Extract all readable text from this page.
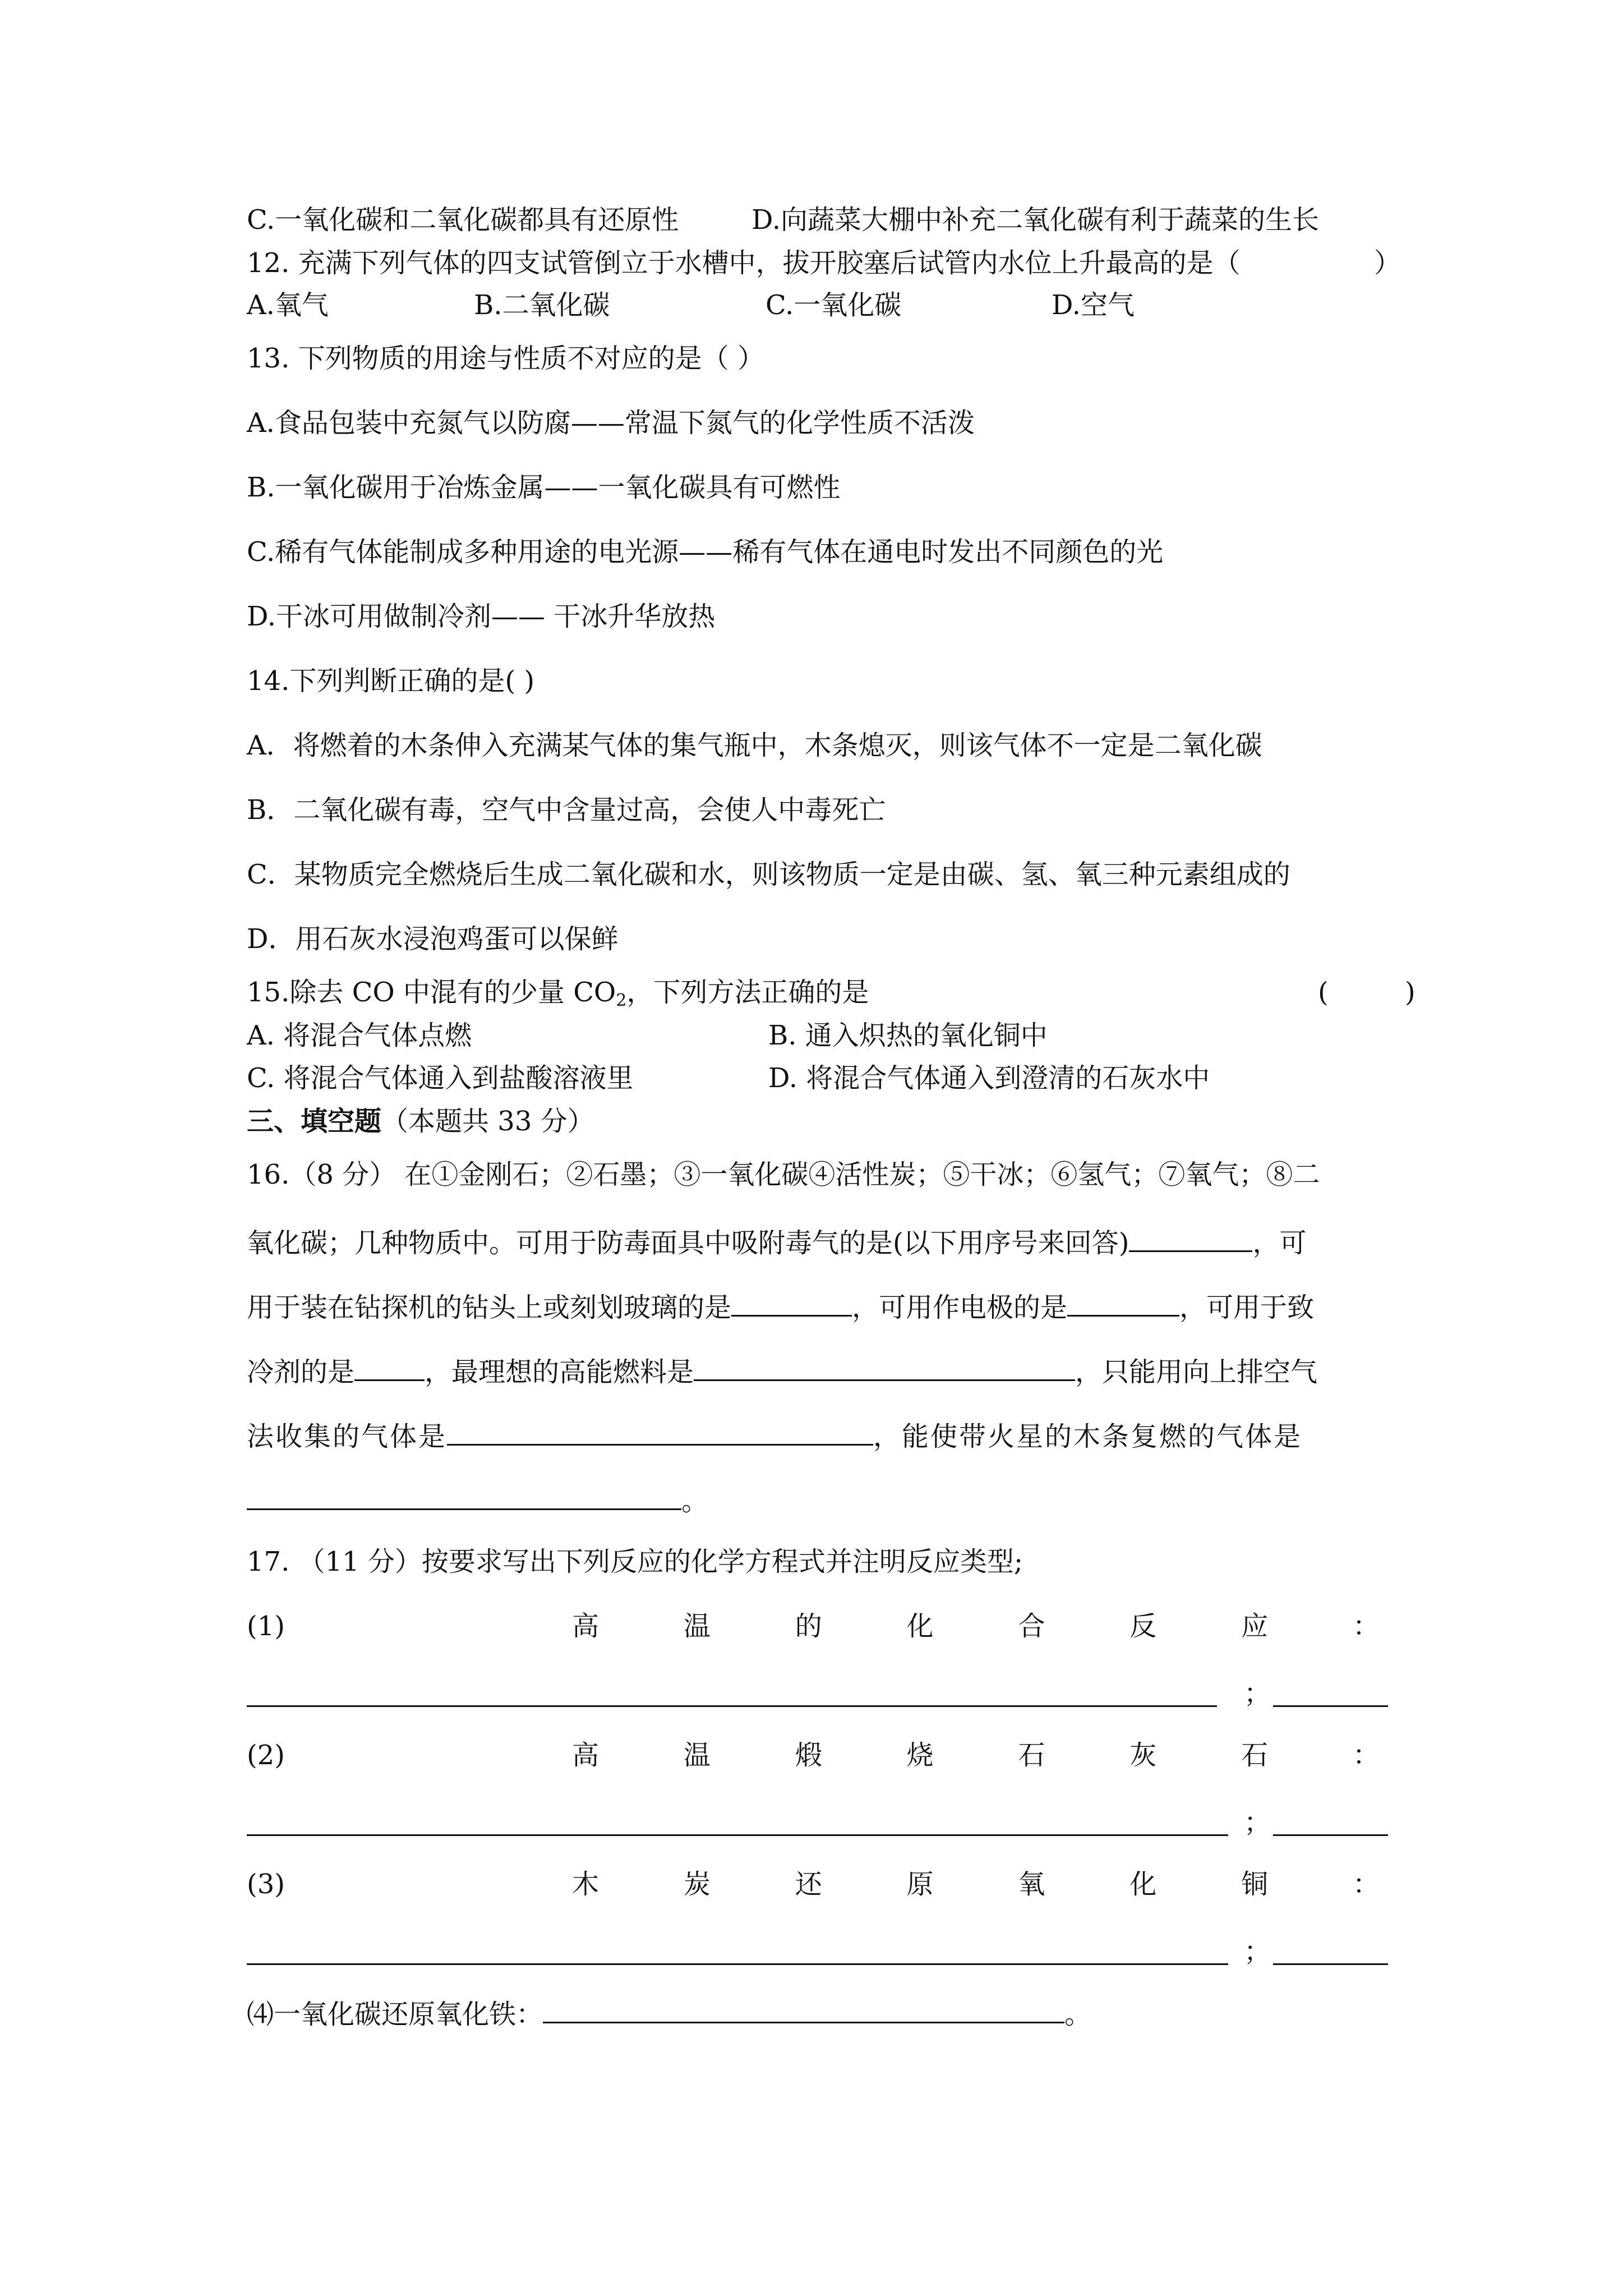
C.一氧化碳和二氧化碳都具有还原性	D.向蔬菜大棚中补充二氧化碳有利于蔬菜的生长
12. 充满下列气体的四支试管倒立于水槽中，拔开胶塞后试管内水位上升最高的是（	）
A.氧气	B.二氧化碳	C.一氧化碳	D.空气
13. 下列物质的用途与性质不对应的是（ ）
A.食品包装中充氮气以防腐——常温下氮气的化学性质不活泼
B.一氧化碳用于冶炼金属——一氧化碳具有可燃性
C.稀有气体能制成多种用途的电光源——稀有气体在通电时发出不同颜色的光
D.干冰可用做制冷剂—— 干冰升华放热
14.下列判断正确的是( )
A．将燃着的木条伸入充满某气体的集气瓶中，木条熄灭，则该气体不一定是二氧化碳
B．二氧化碳有毒，空气中含量过高，会使人中毒死亡
C．某物质完全燃烧后生成二氧化碳和水，则该物质一定是由碳、氢、氧三种元素组成的
D．用石灰水浸泡鸡蛋可以保鲜
15.除去 CO 中混有的少量 $CO_2$，下列方法正确的是	(	)
A. 将混合气体点燃	B. 通入炽热的氧化铜中
C. 将混合气体通入到盐酸溶液里	D. 将混合气体通入到澄清的石灰水中
三、填空题（本题共 33 分）
16.（8 分） 在①金刚石；②石墨；③一氧化碳④活性炭；⑤干冰；⑥氢气；⑦氧气；⑧二
氧化碳；几种物质中。可用于防毒面具中吸附毒气的是(以下用序号来回答)	，可
用于装在钻探机的钻头上或刻划玻璃的是	，可用作电极的是	，可用于致
冷剂的是	，最理想的高能燃料是	，只能用向上排空气
法收集的气体是	，能使带火星的木条复燃的气体是
。
17. （11 分）按要求写出下列反应的化学方程式并注明反应类型;
(1)	高	温	的	化	合	反	应	：
；
(2)	高	温	煅	烧	石	灰	石	：
；
(3)	木	炭	还	原	氧	化	铜	：
；
⑷一氧化碳还原氧化铁：	。
